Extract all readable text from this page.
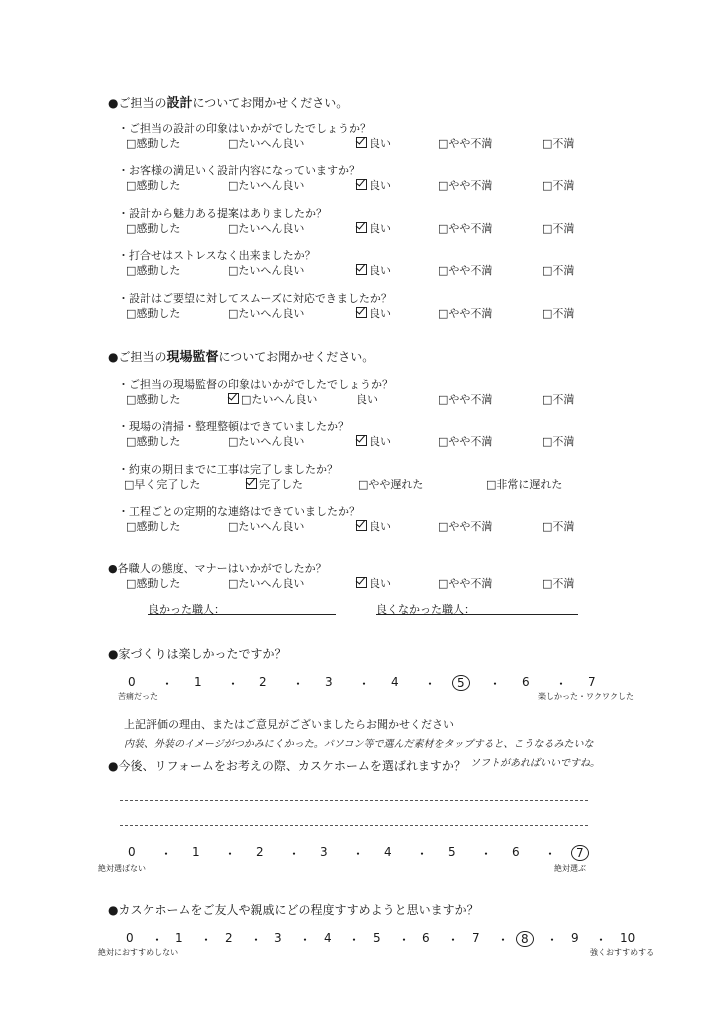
●ご担当の設計についてお聞かせください。
・ご担当の設計の印象はいかがでしたでしょうか？
□感動した	□たいへん良い	良い	□やや不満	□不満
・お客様の満足いく設計内容になっていますか？
□感動した	□たいへん良い	良い	□やや不満	□不満
・設計から魅力ある提案はありましたか？
□感動した	□たいへん良い	良い	□やや不満	□不満
・打合せはストレスなく出来ましたか？
□感動した	□たいへん良い	良い	□やや不満	□不満
・設計はご要望に対してスムーズに対応できましたか？
□感動した	□たいへん良い	良い	□やや不満	□不満
・ご担当の現場監督の印象はいかがでしたでしょうか？
□感動した	□たいへん良い	良い	□やや不満	□不満
・現場の清掃・整理整頓はできていましたか？
□感動した	□たいへん良い	良い	□やや不満	□不満
・約束の期日までに工事は完了しましたか？
□早く完了した	完了した	□やや遅れた	□非常に遅れた
・工程ごとの定期的な連絡はできていましたか？
□感動した	□たいへん良い	良い	□やや不満	□不満
●各職人の態度、マナーはいかがでしたか？
□感動した	□たいへん良い	良い	□やや不満	□不満
●ご担当の現場監督についてお聞かせください。
良かった職人：	良くなかった職人：
●家づくりは楽しかったですか？
0 ・ 1 ・ 2 ・ 3 ・ 4 ・	5	・ 6 ・ 7
苦痛だった	楽しかった・ワクワクした
上記評価の理由、またはご意見がございましたらお聞かせください
内装、外装のイメージがつかみにくかった。パソコン等で選んだ素材をタップすると、こうなるみたいな
ソフトがあればいいですね。
●今後、リフォームをお考えの際、カスケホームを選ばれますか？
0 ・ 1 ・ 2 ・ 3 ・ 4 ・ 5 ・ 6 ・	7
絶対選ばない	絶対選ぶ
●カスケホームをご友人や親戚にどの程度すすめようと思いますか？
0 ・ 1 ・ 2 ・ 3 ・ 4 ・ 5 ・ 6 ・ 7 ・ 8	・ 9 ・ 10
絶対におすすめしない	強くおすすめする
